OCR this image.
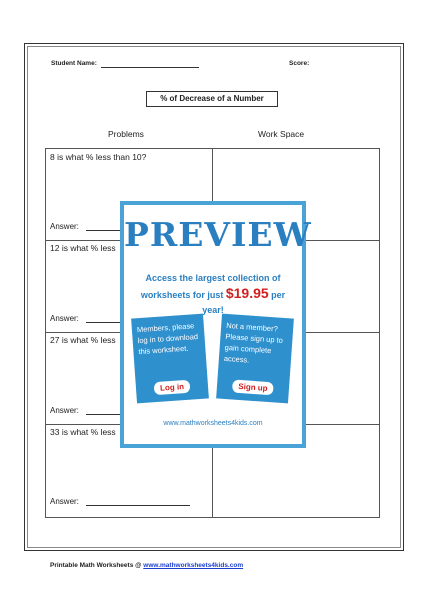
Student Name:	Score:
% of Decrease of a Number
Problems	Work Space
8 is what % less than 10?
Answer:
12 is what % less
Answer:
27 is what % less
Answer:
33 is what % less
Answer:
Printable Math Worksheets @ www.mathworksheets4kids.com
PREVIEW
Access the largest collection of
worksheets for just $19.95 per year!
Members, please log in to download this worksheet.
Log in
Not a member? Please sign up to gain complete access.
Sign up
www.mathworksheets4kids.com
